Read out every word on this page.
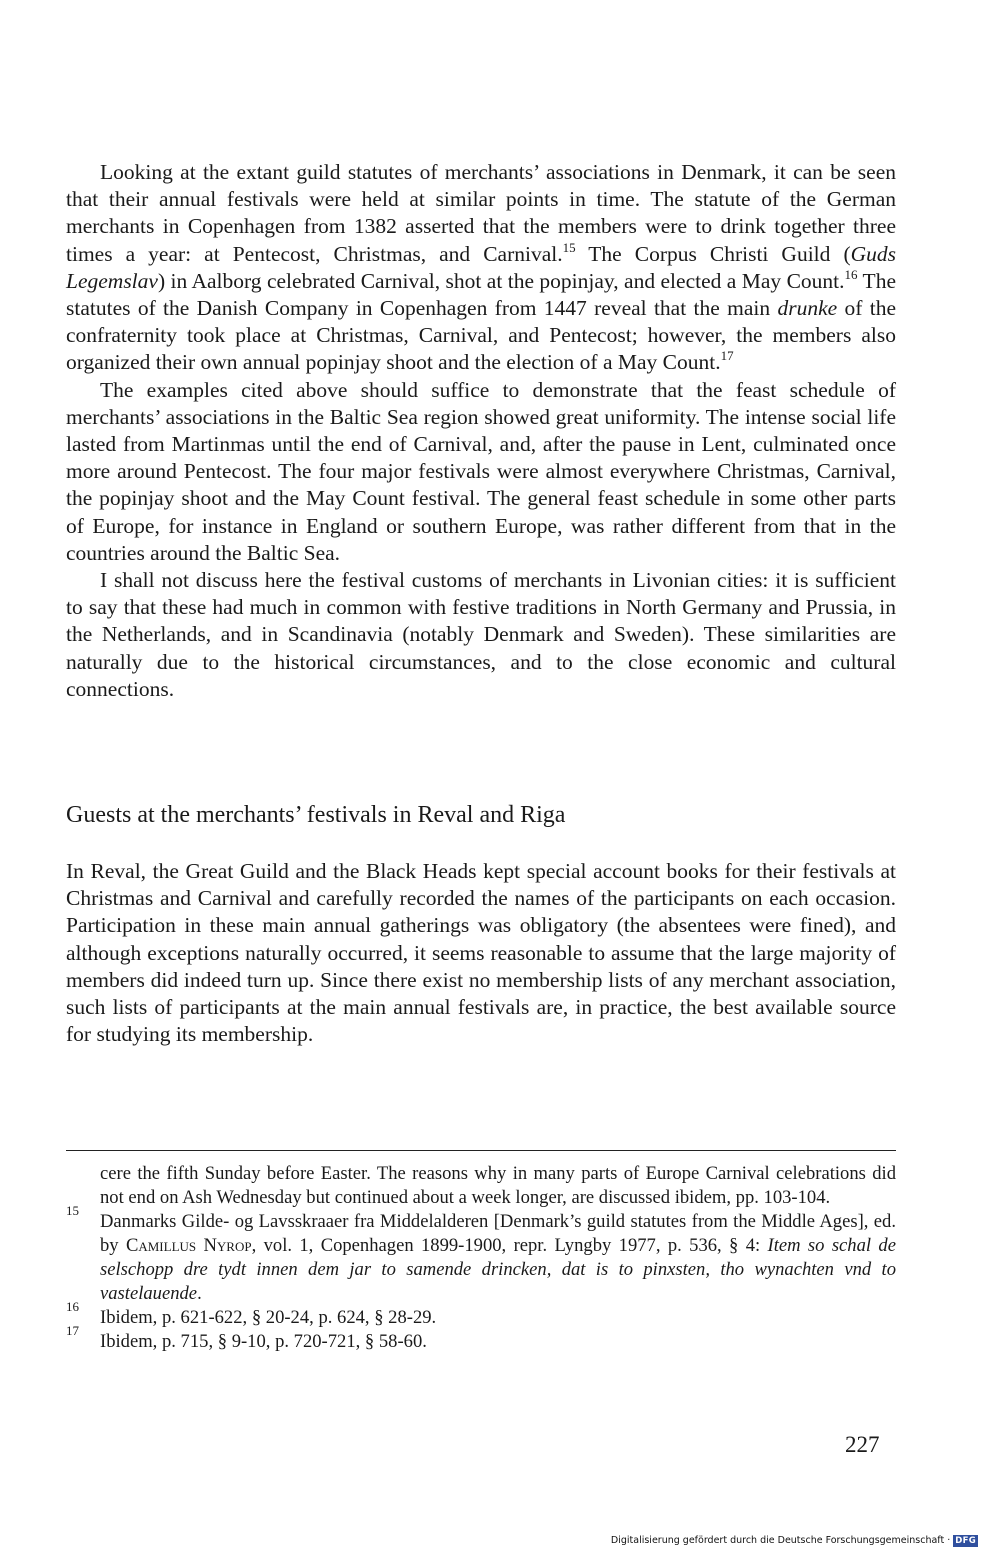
Looking at the extant guild statutes of merchants’ associations in Denmark, it can be seen that their annual festivals were held at similar points in time. The statute of the German merchants in Copenhagen from 1382 asserted that the members were to drink together three times a year: at Pentecost, Christmas, and Carnival.$^{15}$ The Corpus Christi Guild (Guds Legemslav) in Aalborg celebrated Carnival, shot at the popinjay, and elected a May Count.$^{16}$ The statutes of the Danish Company in Copenhagen from 1447 reveal that the main drunke of the confraternity took place at Christmas, Carnival, and Pentecost; however, the members also organized their own annual popinjay shoot and the election of a May Count.$^{17}$

The examples cited above should suffice to demonstrate that the feast schedule of merchants’ associations in the Baltic Sea region showed great uniformity. The intense social life lasted from Martinmas until the end of Carnival, and, after the pause in Lent, culminated once more around Pentecost. The four major festivals were almost everywhere Christmas, Carnival, the popinjay shoot and the May Count festival. The general feast schedule in some other parts of Europe, for instance in England or southern Europe, was rather different from that in the countries around the Baltic Sea.

I shall not discuss here the festival customs of merchants in Livonian cities: it is sufficient to say that these had much in common with festive traditions in North Germany and Prussia, in the Netherlands, and in Scandinavia (notably Denmark and Sweden). These similarities are naturally due to the historical circumstances, and to the close economic and cultural connections.

Guests at the merchants’ festivals in Reval and Riga

In Reval, the Great Guild and the Black Heads kept special account books for their festivals at Christmas and Carnival and carefully recorded the names of the participants on each occasion. Participation in these main annual gatherings was obligatory (the absentees were fined), and although exceptions naturally occurred, it seems reasonable to assume that the large majority of members did indeed turn up. Since there exist no membership lists of any merchant association, such lists of participants at the main annual festivals are, in practice, the best available source for studying its membership.

cere the fifth Sunday before Easter. The reasons why in many parts of Europe Carnival celebrations did not end on Ash Wednesday but continued about a week longer, are discussed ibidem, pp. 103-104.

15
Danmarks Gilde- og Lavsskraaer fra Middelalderen [Denmark’s guild statutes from the Middle Ages], ed. by Camillus Nyrop, vol. 1, Copenhagen 1899-1900, repr. Lyngby 1977, p. 536, § 4: Item so schal de selschopp dre tydt innen dem jar to samende drincken, dat is to pinxsten, tho wynachten vnd to vastelauende.

16
Ibidem, p. 621-622, § 20-24, p. 624, § 28-29.

17
Ibidem, p. 715, § 9-10, p. 720-721, § 58-60.

227
Digitalisierung gefördert durch die Deutsche Forschungsgemeinschaft · DFG
